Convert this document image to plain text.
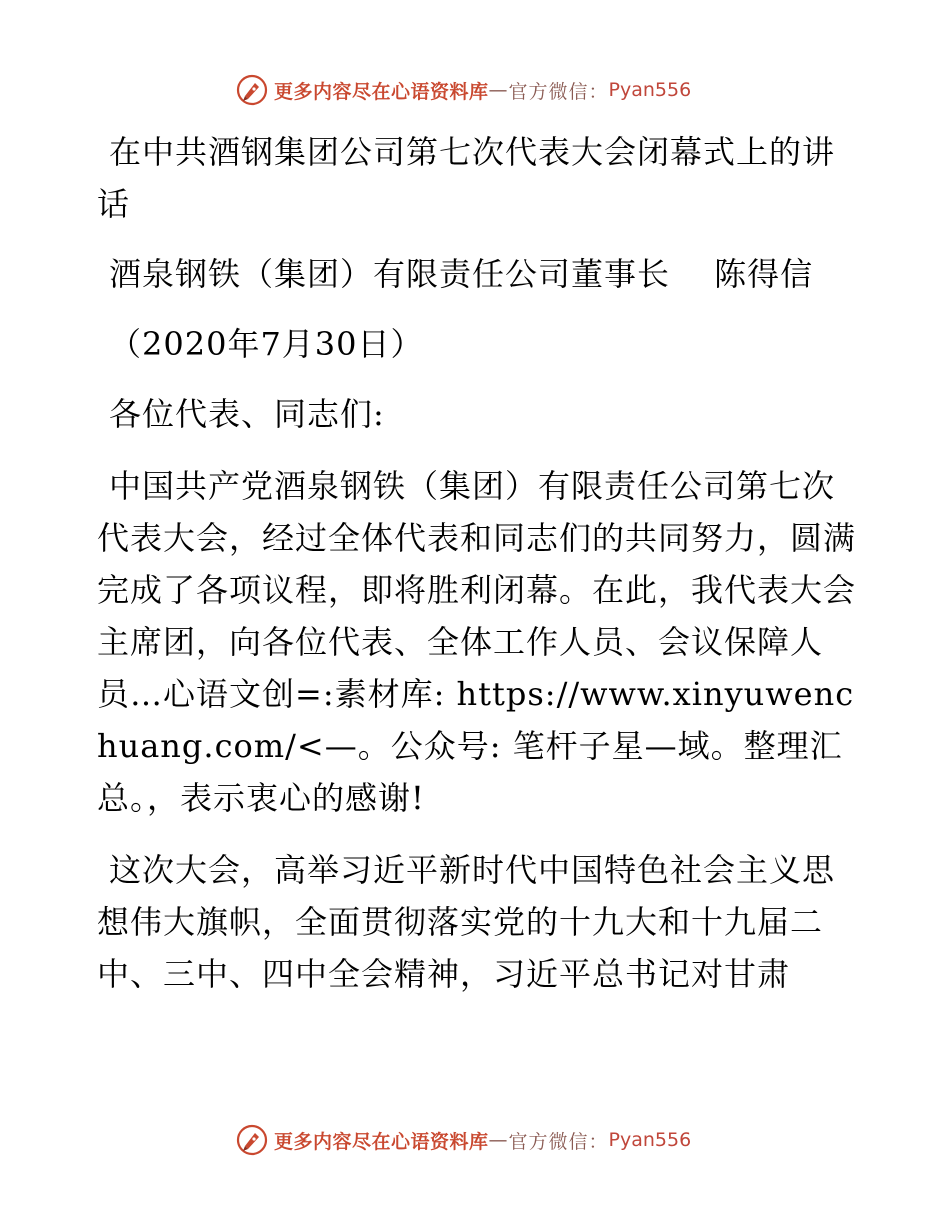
更多内容尽在心语资料库 — 官方微信： Pyan556

在中共酒钢集团公司第七次代表大会闭幕式上的讲话

酒泉钢铁（集团）有限责任公司董事长　 陈得信

（2020年7月30日）

各位代表、同志们:

中国共产党酒泉钢铁（集团）有限责任公司第七次代表大会，经过全体代表和同志们的共同努力，圆满完成了各项议程，即将胜利闭幕。在此，我代表大会主席团，向各位代表、全体工作人员、会议保障人员…心语文创=:素材库: https://www.xinyuwenchuang.com/<—。公众号: 笔杆子星—域。整理汇总。，表示衷心的感谢!

这次大会，高举习近平新时代中国特色社会主义思想伟大旗帜，全面贯彻落实党的十九大和十九届二中、三中、四中全会精神，习近平总书记对甘肃

更多内容尽在心语资料库 — 官方微信： Pyan556
